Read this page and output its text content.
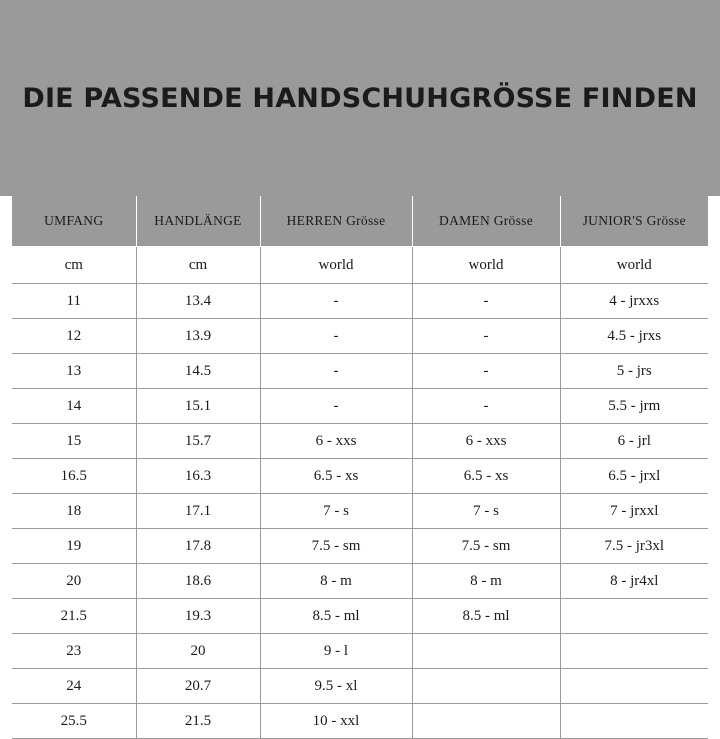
DIE PASSENDE HANDSCHUHGRÖSSE FINDEN
UMFANG	HANDLÄNGE	HERREN Grösse	DAMEN Grösse	JUNIOR'S Grösse
cm	cm	world	world	world
11	13.4	-	-	4 - jrxxs
12	13.9	-	-	4.5 - jrxs
13	14.5	-	-	5 - jrs
14	15.1	-	-	5.5 - jrm
15	15.7	6 - xxs	6 - xxs	6 - jrl
16.5	16.3	6.5 - xs	6.5 - xs	6.5 - jrxl
18	17.1	7 - s	7 - s	7 - jrxxl
19	17.8	7.5 - sm	7.5 - sm	7.5 - jr3xl
20	18.6	8 - m	8 - m	8 - jr4xl
21.5	19.3	8.5 - ml	8.5 - ml	
23	20	9 - l		
24	20.7	9.5 - xl		
25.5	21.5	10 - xxl		
